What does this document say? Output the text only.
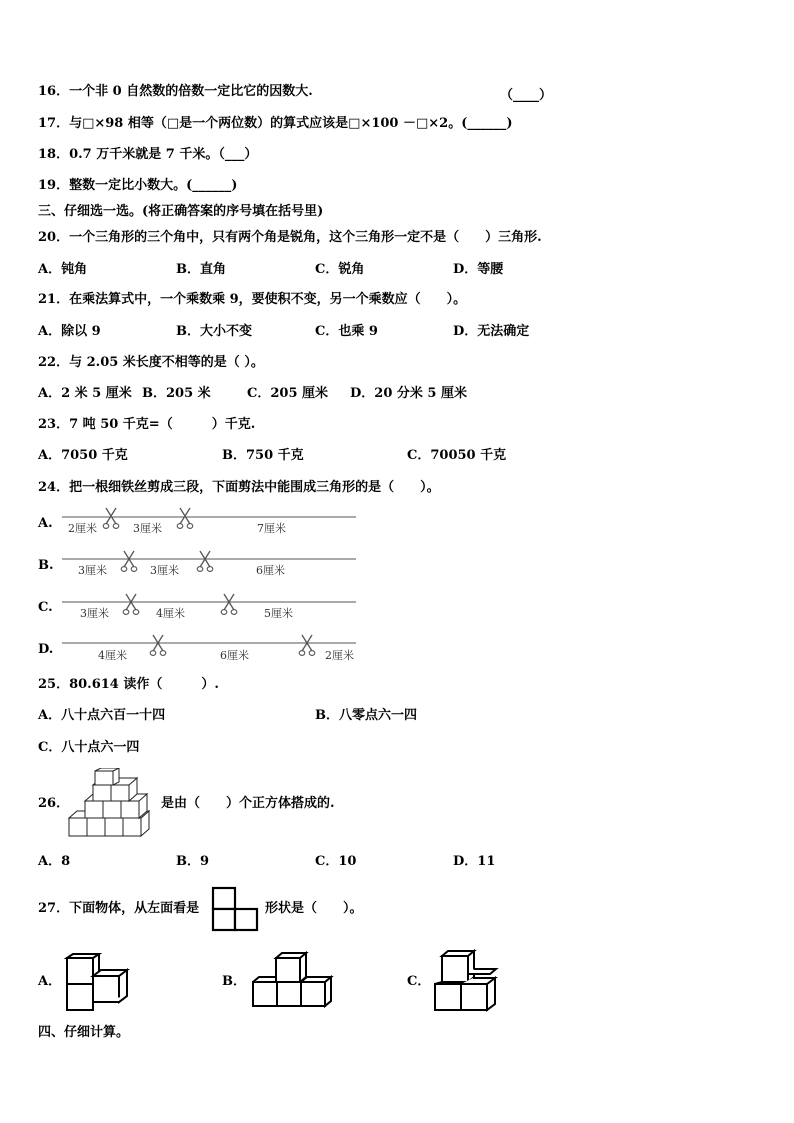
16．一个非 0 自然数的倍数一定比它的因数大.	（____）
17．与□×98 相等（□是一个两位数）的算式应该是□×100 －□×2。(______)
18．0.7 万千米就是 7 千米。（___）
19．整数一定比小数大。(______)
三、仔细选一选。(将正确答案的序号填在括号里)
20．一个三角形的三个角中，只有两个角是锐角，这个三角形一定不是（　　）三角形.
A．钝角	B．直角	C．锐角	D．等腰
21．在乘法算式中，一个乘数乘 9，要使积不变，另一个乘数应（　　）。
A．除以 9	B．大小不变	C．也乘 9	D．无法确定
22．与 2.05 米长度不相等的是（ ）。
A．2 米 5 厘米 B．205 米	C．205 厘米 D．20 分米 5 厘米
23．7 吨 50 千克=（　　　）千克.
A．7050 千克	B．750 千克	C．70050 千克
24．把一根细铁丝剪成三段，下面剪法中能围成三角形的是（　　）。
A. 2厘米	3厘米	7厘米
B. 3厘米	3厘米	6厘米
C. 3厘米	4厘米	5厘米
D.	4厘米	6厘米	2厘米
25．80.614 读作（　　　）.
A．八十点六百一十四	B．八零点六一四
C．八十点六一四
26．	是由（　　）个正方体搭成的.
A．8	B．9	C．10	D．11
27．下面物体，从左面看是	形状是（　　）。
A．	B．	C．
四、仔细计算。
